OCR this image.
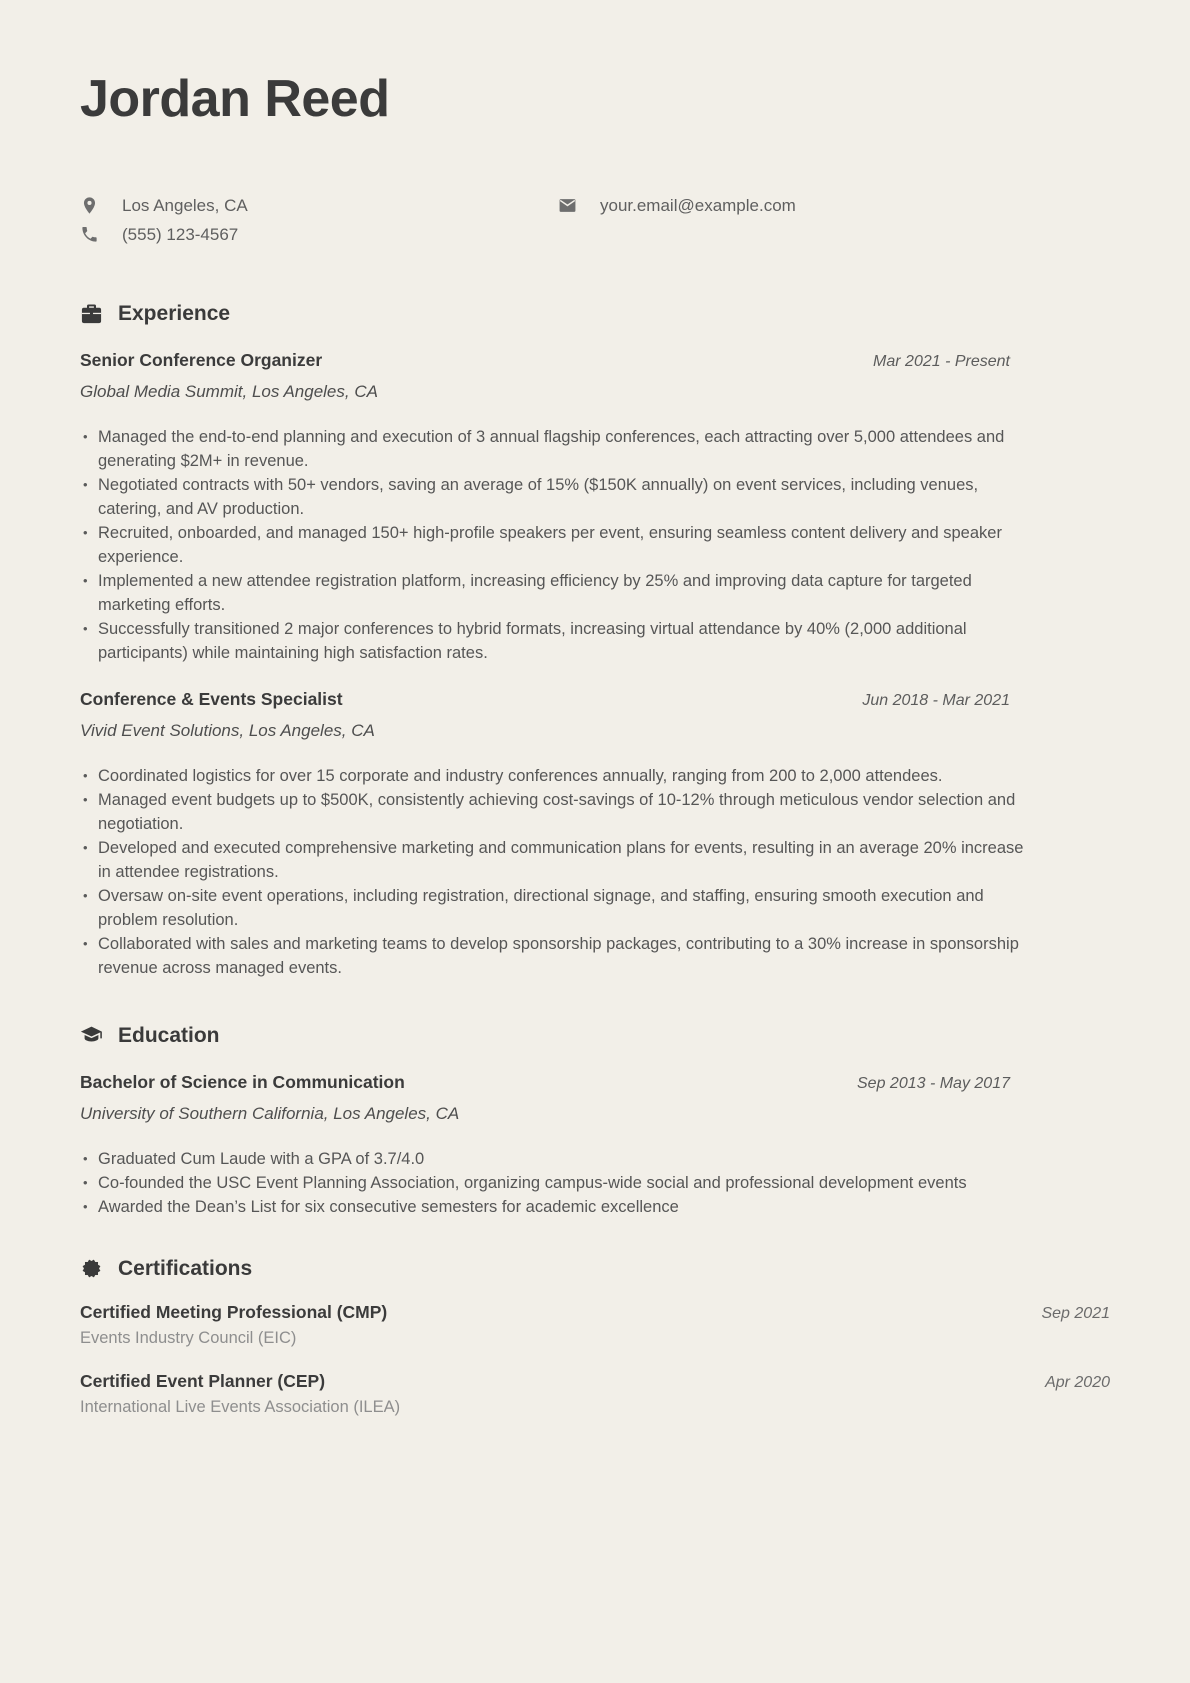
Jordan Reed
Los Angeles, CA
(555) 123-4567
your.email@example.com
Experience
Senior Conference Organizer	Mar 2021 - Present
Global Media Summit, Los Angeles, CA
• Managed the end-to-end planning and execution of 3 annual flagship conferences, each attracting over 5,000 attendees and generating $2M+ in revenue.
• Negotiated contracts with 50+ vendors, saving an average of 15% ($150K annually) on event services, including venues, catering, and AV production.
• Recruited, onboarded, and managed 150+ high-profile speakers per event, ensuring seamless content delivery and speaker experience.
• Implemented a new attendee registration platform, increasing efficiency by 25% and improving data capture for targeted marketing efforts.
• Successfully transitioned 2 major conferences to hybrid formats, increasing virtual attendance by 40% (2,000 additional participants) while maintaining high satisfaction rates.
Conference & Events Specialist	Jun 2018 - Mar 2021
Vivid Event Solutions, Los Angeles, CA
• Coordinated logistics for over 15 corporate and industry conferences annually, ranging from 200 to 2,000 attendees.
• Managed event budgets up to $500K, consistently achieving cost-savings of 10-12% through meticulous vendor selection and negotiation.
• Developed and executed comprehensive marketing and communication plans for events, resulting in an average 20% increase in attendee registrations.
• Oversaw on-site event operations, including registration, directional signage, and staffing, ensuring smooth execution and problem resolution.
• Collaborated with sales and marketing teams to develop sponsorship packages, contributing to a 30% increase in sponsorship revenue across managed events.
Education
Bachelor of Science in Communication	Sep 2013 - May 2017
University of Southern California, Los Angeles, CA
• Graduated Cum Laude with a GPA of 3.7/4.0
• Co-founded the USC Event Planning Association, organizing campus-wide social and professional development events
• Awarded the Dean’s List for six consecutive semesters for academic excellence
Certifications
Certified Meeting Professional (CMP)	Sep 2021
Events Industry Council (EIC)
Certified Event Planner (CEP)	Apr 2020
International Live Events Association (ILEA)
